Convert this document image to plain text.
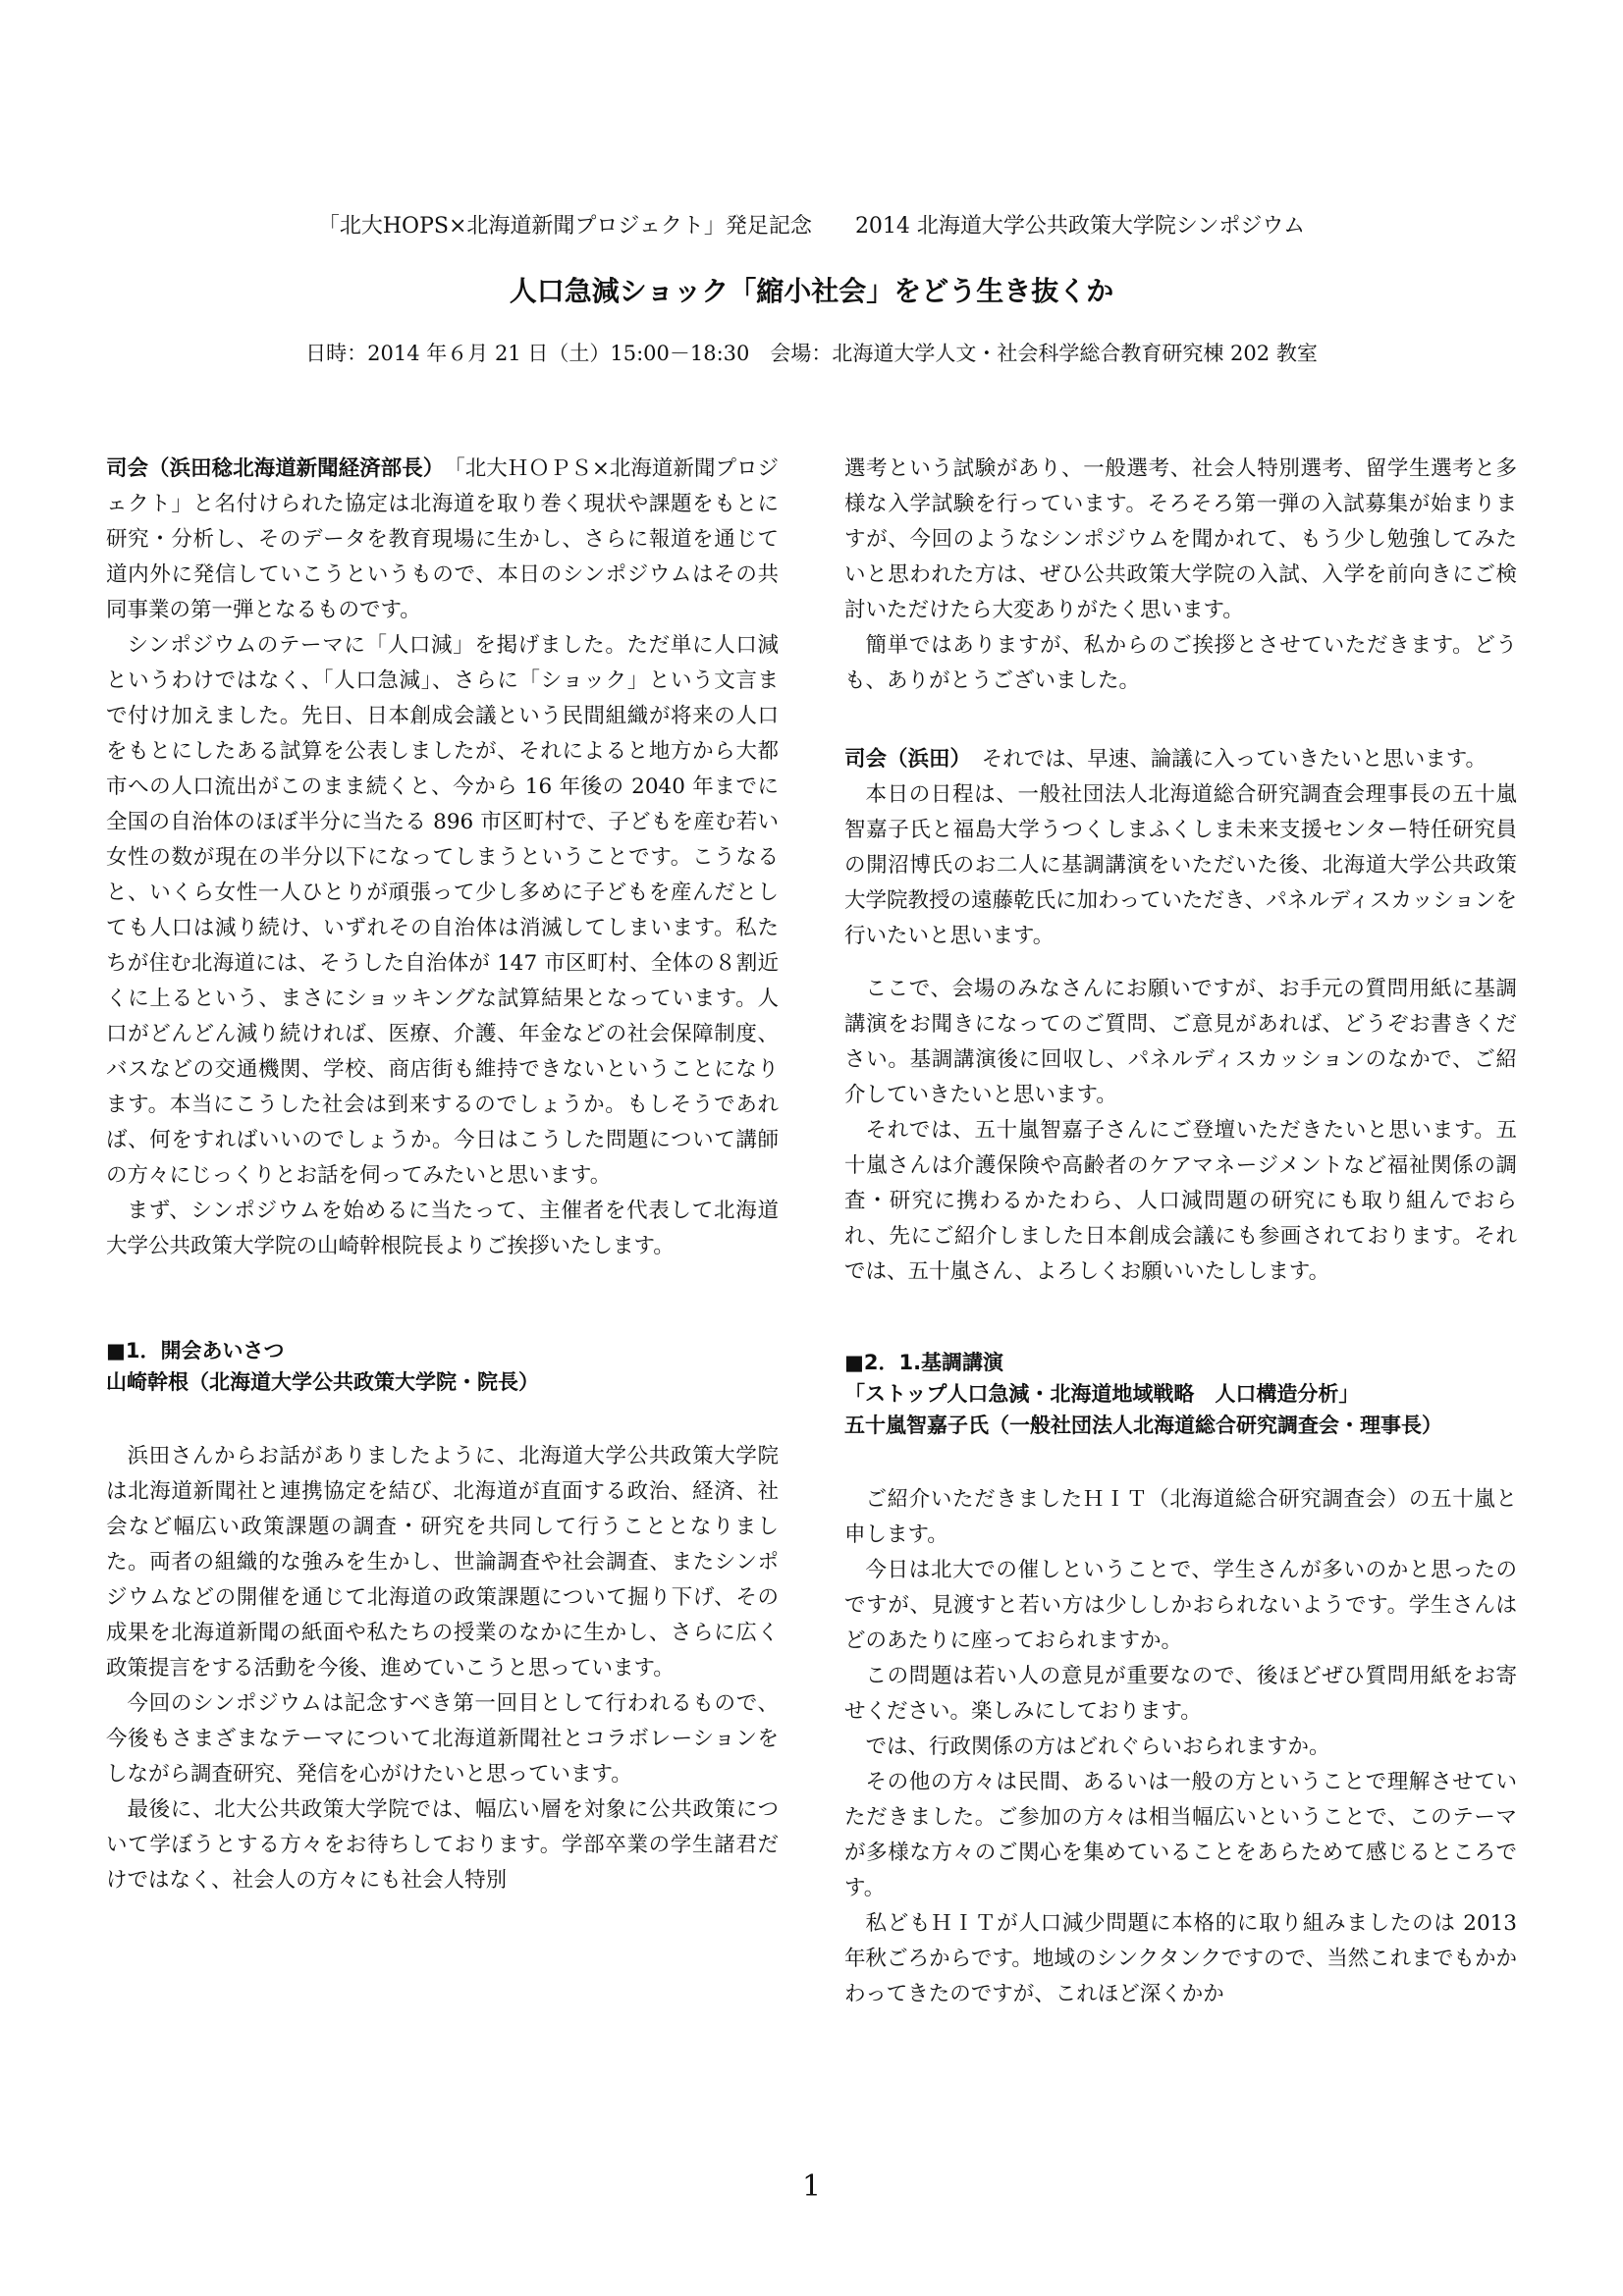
「北大HOPS×北海道新聞プロジェクト」発足記念 2014 北海道大学公共政策大学院シンポジウム
人口急減ショック「縮小社会」をどう生き抜くか
日時：2014 年６月 21 日（土）15:00－18:30　会場：北海道大学人文・社会科学総合教育研究棟 202 教室

司会（浜田稔北海道新聞経済部長） 「北大ＨＯＰＳ×北海道新聞プロジェクト」と名付けられた協定は北海道を取り巻く現状や課題をもとに研究・分析し、そのデータを教育現場に生かし、さらに報道を通じて道内外に発信していこうというもので、本日のシンポジウムはその共同事業の第一弾となるものです。

シンポジウムのテーマに「人口減」を掲げました。ただ単に人口減というわけではなく、「人口急減」、さらに「ショック」という文言まで付け加えました。先日、日本創成会議という民間組織が将来の人口をもとにしたある試算を公表しましたが、それによると地方から大都市への人口流出がこのまま続くと、今から 16 年後の 2040 年までに全国の自治体のほぼ半分に当たる 896 市区町村で、子どもを産む若い女性の数が現在の半分以下になってしまうということです。こうなると、いくら女性一人ひとりが頑張って少し多めに子どもを産んだとしても人口は減り続け、いずれその自治体は消滅してしまいます。私たちが住む北海道には、そうした自治体が 147 市区町村、全体の８割近くに上るという、まさにショッキングな試算結果となっています。人口がどんどん減り続ければ、医療、介護、年金などの社会保障制度、バスなどの交通機関、学校、商店街も維持できないということになります。本当にこうした社会は到来するのでしょうか。もしそうであれば、何をすればいいのでしょうか。今日はこうした問題について講師の方々にじっくりとお話を伺ってみたいと思います。

まず、シンポジウムを始めるに当たって、主催者を代表して北海道大学公共政策大学院の山崎幹根院長よりご挨拶いたします。

■1．開会あいさつ

山崎幹根（北海道大学公共政策大学院・院長）

浜田さんからお話がありましたように、北海道大学公共政策大学院は北海道新聞社と連携協定を結び、北海道が直面する政治、経済、社会など幅広い政策課題の調査・研究を共同して行うこととなりました。両者の組織的な強みを生かし、世論調査や社会調査、またシンポジウムなどの開催を通じて北海道の政策課題について掘り下げ、その成果を北海道新聞の紙面や私たちの授業のなかに生かし、さらに広く政策提言をする活動を今後、進めていこうと思っています。

今回のシンポジウムは記念すべき第一回目として行われるもので、今後もさまざまなテーマについて北海道新聞社とコラボレーションをしながら調査研究、発信を心がけたいと思っています。

最後に、北大公共政策大学院では、幅広い層を対象に公共政策について学ぼうとする方々をお待ちしております。学部卒業の学生諸君だけではなく、社会人の方々にも社会人特別

選考という試験があり、一般選考、社会人特別選考、留学生選考と多様な入学試験を行っています。そろそろ第一弾の入試募集が始まりますが、今回のようなシンポジウムを聞かれて、もう少し勉強してみたいと思われた方は、ぜひ公共政策大学院の入試、入学を前向きにご検討いただけたら大変ありがたく思います。

簡単ではありますが、私からのご挨拶とさせていただきます。どうも、ありがとうございました。

司会（浜田） それでは、早速、論議に入っていきたいと思います。

本日の日程は、一般社団法人北海道総合研究調査会理事長の五十嵐智嘉子氏と福島大学うつくしまふくしま未来支援センター特任研究員の開沼博氏のお二人に基調講演をいただいた後、北海道大学公共政策大学院教授の遠藤乾氏に加わっていただき、パネルディスカッションを行いたいと思います。

ここで、会場のみなさんにお願いですが、お手元の質問用紙に基調講演をお聞きになってのご質問、ご意見があれば、どうぞお書きください。基調講演後に回収し、パネルディスカッションのなかで、ご紹介していきたいと思います。

それでは、五十嵐智嘉子さんにご登壇いただきたいと思います。五十嵐さんは介護保険や高齢者のケアマネージメントなど福祉関係の調査・研究に携わるかたわら、人口減問題の研究にも取り組んでおられ、先にご紹介しました日本創成会議にも参画されております。それでは、五十嵐さん、よろしくお願いいたしします。

■2．1.基調講演

「ストップ人口急減・北海道地域戦略　人口構造分析」

五十嵐智嘉子氏（一般社団法人北海道総合研究調査会・理事長）

ご紹介いただきましたＨＩＴ（北海道総合研究調査会）の五十嵐と申します。

今日は北大での催しということで、学生さんが多いのかと思ったのですが、見渡すと若い方は少ししかおられないようです。学生さんはどのあたりに座っておられますか。

この問題は若い人の意見が重要なので、後ほどぜひ質問用紙をお寄せください。楽しみにしております。

では、行政関係の方はどれぐらいおられますか。

その他の方々は民間、あるいは一般の方ということで理解させていただきました。ご参加の方々は相当幅広いということで、このテーマが多様な方々のご関心を集めていることをあらためて感じるところです。

私どもＨＩＴが人口減少問題に本格的に取り組みましたのは 2013 年秋ごろからです。地域のシンクタンクですので、当然これまでもかかわってきたのですが、これほど深くかか

1
